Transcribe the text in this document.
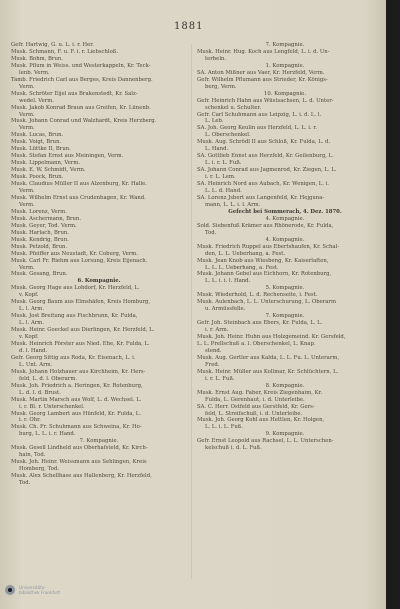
1881
Gefr. Hartwig, G. u. L. i. r. Her.
Musk. Schmann, F. u. F. i. r. Liebschloß.
Musk. Bohm, Brun.
Musk. Pflum in Weiss. und Westerkappeln, Kr. Teck-
lenb. Verm.
Tamb. Friedrich Carl aus Berges, Kreis Dannenberg.
Verm.
Musk. Schröter Eijel aus Brakenstedt, Kr. Salz-
wedel. Verm.
Musk. Jakob Konrad Braun aus Greifen, Kr. Lünenb.
Verm.
Musk. Johann Conrad und Walzhardt, Kreis Herzberg.
Verm.
Musk. Lucas, Brun.
Musk. Voigt, Brun.
Musk. Lüttke II, Brun.
Musk. Stefan Ernst aus Meiningen, Verm.
Musk. Lippelmann, Verm.
Musk. E. W. Schmidt, Verm.
Musk. Poock, Brun.
Musk. Claudius Müller II aus Alzenburg, Kr. Halle.
Verm.
Musk. Wilhelm Ernst aus Crudenhagen, Kr. Wand.
Verm.
Musk. Lorenz, Verm.
Musk. Aschermann, Brun.
Musk. Geyer, Tod. Verm.
Musk. Harlach, Brun.
Musk. Kendrig, Brun.
Musk. Petzold, Brun.
Musk. Pfeiffer aus Neustadt, Kr. Coburg, Verm.
Musk. Carl Fr. Riehm aus Lorsung, Kreis Eijenach.
Verm.
Musk. Gesang, Brun.
6. Kompagnie.
Musk. Georg Hage aus Lohdorf, Kr. Herzfeld, L.
v. Kopf.
Musk. Georg Baum aus Elmshäfen, Kreis Homburg,
L. l. Arm.
Musk. Jost Breitung aus Fischbrunn, Kr. Fulda,
L. l. Arm.
Musk. Heinr. Goeckel aus Dierlingen, Kr. Herzfeld, L.
v. Kopf.
Musk. Heinrich Förster aus Nied. Ehe, Kr. Fulda, L.
d. l. Hand.
Gefr. Georg Sittig aus Roda, Kr. Eisenach, L. i.
L. Unt. Arm.
Musk. Johann Holzhauer aus Kirchheim, Kr. Hers-
feld, L. d. l. Oberarm.
Musk. Joh. Friedrich a. Heringen, Kr. Rotenburg,
L. d. l. d. Brust.
Musk. Martin Marsch aus Wolf, L. d. Wechsel. L.
i. r. Bl. r. Unterschenkel.
Musk. Georg Lambert aus Hünfeld, Kr. Fulda, L.
i. r. Ohr.
Musk. Ch. Fr. Schuhmann aus Schweina, Kr. Ho-
burg, L. L. i. r. Hand.
7. Kompagnie.
Musk. Gesell Lindheld aus Oberhafsteld, Kr. Kirch-
hain, Tod.
Musk. Joh. Heinr. Weissmann aus Sehlingen, Kreis
Homberg, Tod.
Musk. Alex Schellhase aus Hallenberg, Kr. Herzfeld,
Tod.
7. Kompagnie.
Musk. Heinr. Hug. Koch aus Lengfeld, L. i. d. Un-
terbeln.
1. Kompagnie.
SA. Anton Mißner aus Vaer, Kr. Herzfeld, Verm.
Gefr. Wilhelm Pflumann aus Strieder, Kr. Königs-
berg, Verm.
10. Kompagnie.
Gefr. Heinrich Hahn aus Wüstsachsen, L. d. Unter-
schenkel u. Schulter.
Gefr. Carl Schuhmann aus Leipzig, L. i. d. L. l.
L. Leb.
SA. Joh. Georg Keulin aus Herzfeld, L. L. i. r.
L. Oberschenkel.
Musk. Aug. Schrödl II aus Schloß, Kr. Fulda, L. d.
L. Hand.
SA. Gottlieb Ennst aus Herzfeld, Kr. Geilenburg, L.
L. i. r. L. Fuß.
SA. Johann Conrad aus Jagmenrod, Kr. Ziegen, L. L.
i. r. L. Lem.
SA. Heinrich Nord aus Aubach, Kr. Wenigen, L. i.
L. L. d. Hand.
SA. Lorenz Jsbert aus Langenfeld, Kr. Hejguna-
mann, L. L. i. l. Arm.
Gefecht bei Sommerach, 4. Dez. 1870.
4. Kompagnie.
Sold. Siebenfuß Krämer aus Rhönerode, Kr. Fulda,
Tod.
4. Kompagnie.
Musk. Friedrich Ruppel aus Ebertshaufen, Kr. Schal-
den, L. L. Ueberhang, a. Fest.
Musk. Jean Knob aus Wiesbeng, Kr. Kaiserlaften,
L. L. L. Ueberhang, a. Fest.
Musk. Johann Gebel aus Eichhorn, Kr. Rotenburg,
L. L. i. i. l. Hand.
5. Kompagnie.
Musk. Wiederhold, L. d. Rechenseite, i. Fest.
Musk. Aulenbach, L. L. Unterschurung, L. Oberarm
u. Armüssfelle.
7. Kompagnie.
Gefr. Joh. Steinbach aus Ebers, Kr. Fulda, L. L.
i. r. Arm.
Musk. Joh. Heinr. Huhn aus Holzgemeind. Kr. Gersfeld,
L. L. Prellschuß a. l. Oberschenkel, L. Knap.
stend.
Musk. Aug. Gertler aus Kalda, L. L. Fu. L. Unterarm,
Fred.
Musk. Heinr. Müller aus Kollmar, Kr. Schlüchtern, L.
i. r. L. Fuß.
8. Kompagnie.
Musk. Ernst Aug. Faber, Kreis Ziegenhaim, Kr.
Fulda, L. Gerenhaut, i. d. Unterleibe.
SA. C. Herr. Ostfeld aus Gerstfeld, Kr. Gers-
feld, L. Streifschuß, i. d. Unterleibe.
Musk. Joh. Georg Kohl aus Hettlen, Kr. Holgen,
L. L. i. L. Fuß.
9. Kompagnie.
Gefr. Ernst Leopold aus Rachsel, L. L. Unterschen-
kelschuß i. d. L. Fuß.
Universitäts-
bibliothek Frankfurt
